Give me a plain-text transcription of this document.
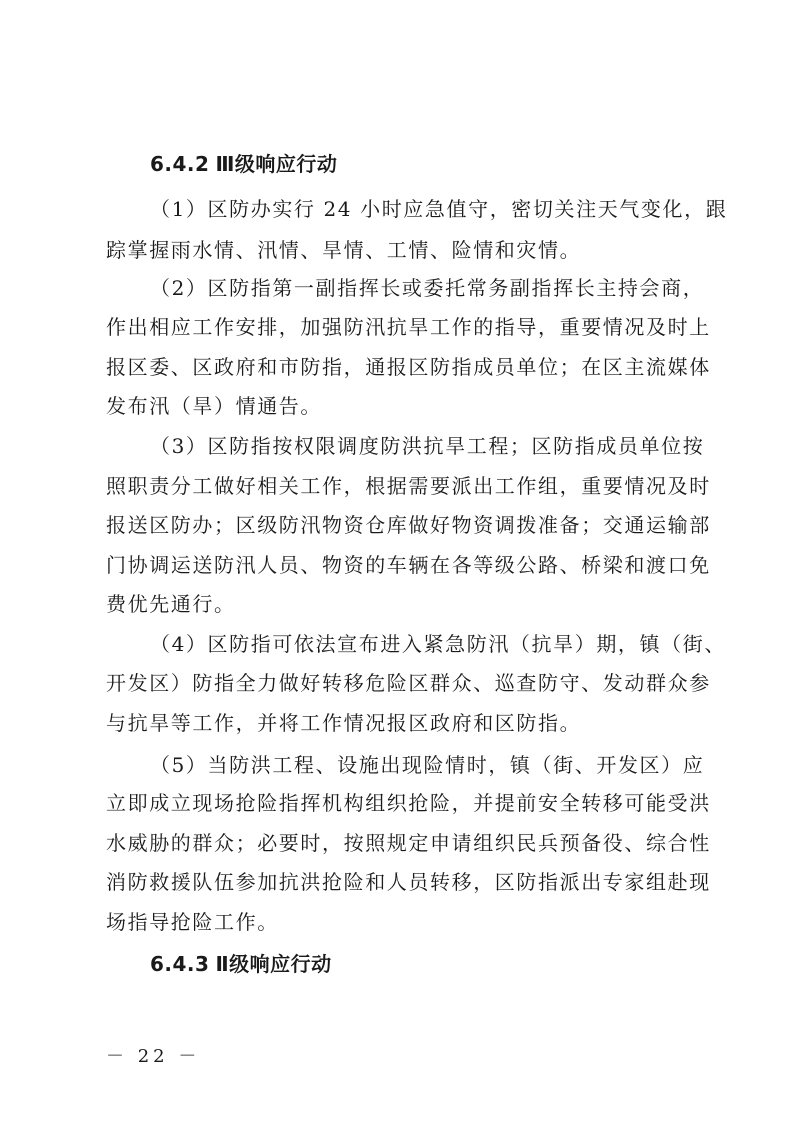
6.4.2 Ⅲ级响应行动
（1）区防办实行 24 小时应急值守，密切关注天气变化，跟
踪掌握雨水情、汛情、旱情、工情、险情和灾情。
（2）区防指第一副指挥长或委托常务副指挥长主持会商，
作出相应工作安排，加强防汛抗旱工作的指导，重要情况及时上
报区委、区政府和市防指，通报区防指成员单位；在区主流媒体
发布汛（旱）情通告。
（3）区防指按权限调度防洪抗旱工程；区防指成员单位按
照职责分工做好相关工作，根据需要派出工作组，重要情况及时
报送区防办；区级防汛物资仓库做好物资调拨准备；交通运输部
门协调运送防汛人员、物资的车辆在各等级公路、桥梁和渡口免
费优先通行。
（4）区防指可依法宣布进入紧急防汛（抗旱）期，镇（街、
开发区）防指全力做好转移危险区群众、巡查防守、发动群众参
与抗旱等工作，并将工作情况报区政府和区防指。
（5）当防洪工程、设施出现险情时，镇（街、开发区）应
立即成立现场抢险指挥机构组织抢险，并提前安全转移可能受洪
水威胁的群众；必要时，按照规定申请组织民兵预备役、综合性
消防救援队伍参加抗洪抢险和人员转移，区防指派出专家组赴现
场指导抢险工作。
6.4.3 Ⅱ级响应行动
－ 22 －
